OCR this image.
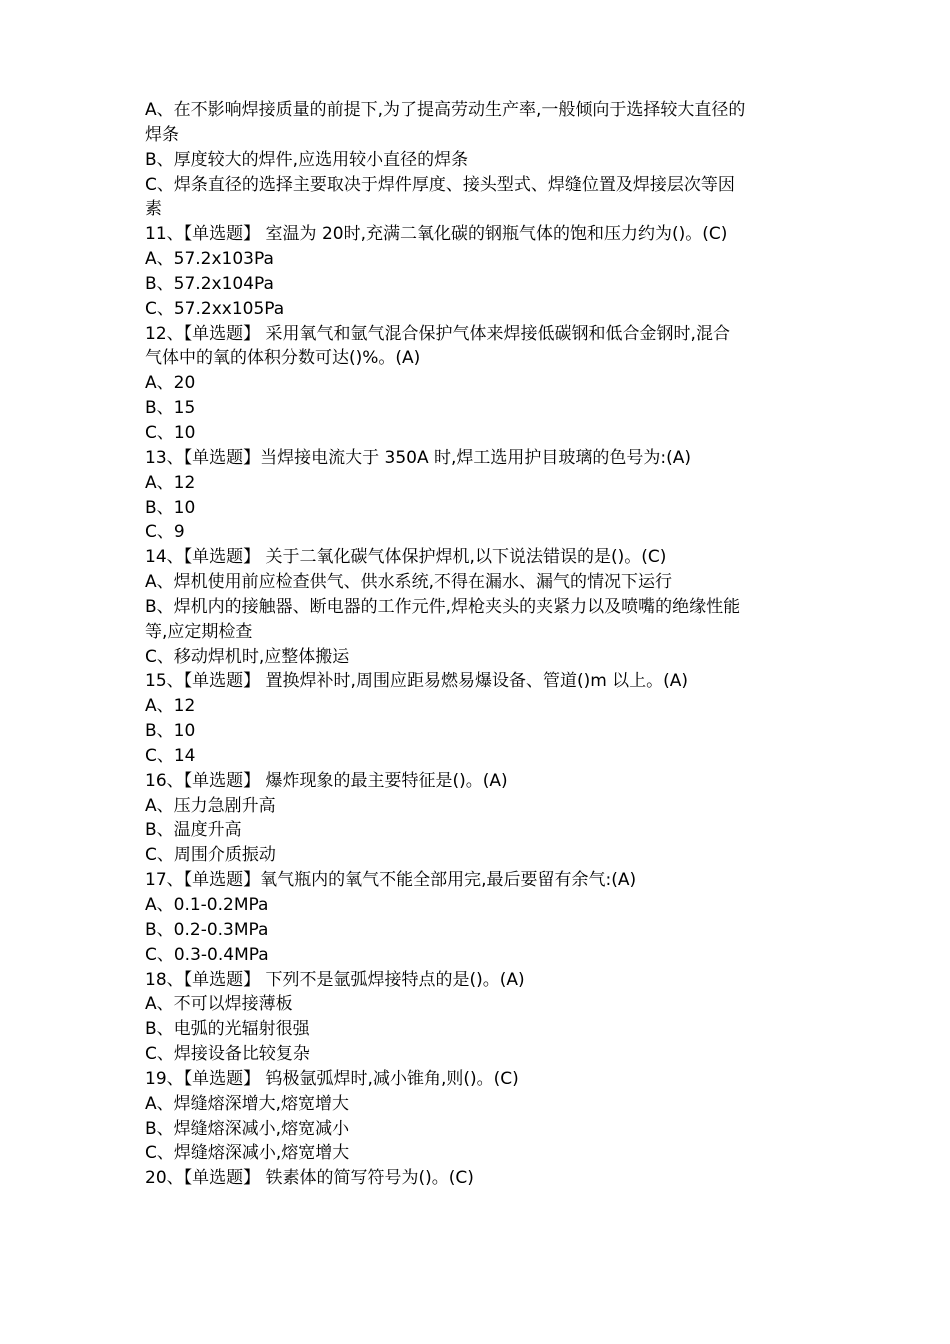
A、在不影响焊接质量的前提下,为了提高劳动生产率,一般倾向于选择较大直径的
焊条
B、厚度较大的焊件,应选用较小直径的焊条
C、焊条直径的选择主要取决于焊件厚度、接头型式、焊缝位置及焊接层次等因
素
11、【单选题】 室温为 20时,充满二氧化碳的钢瓶气体的饱和压力约为()。(C)
A、57.2x103Pa
B、57.2x104Pa
C、57.2xx105Pa
12、【单选题】 采用氧气和氩气混合保护气体来焊接低碳钢和低合金钢时,混合
气体中的氧的体积分数可达()%。(A)
A、20
B、15
C、10
13、【单选题】当焊接电流大于 350A 时,焊工选用护目玻璃的色号为:(A)
A、12
B、10
C、9
14、【单选题】 关于二氧化碳气体保护焊机,以下说法错误的是()。(C)
A、焊机使用前应检查供气、供水系统,不得在漏水、漏气的情况下运行
B、焊机内的接触器、断电器的工作元件,焊枪夹头的夹紧力以及喷嘴的绝缘性能
等,应定期检查
C、移动焊机时,应整体搬运
15、【单选题】 置换焊补时,周围应距易燃易爆设备、管道()m 以上。(A)
A、12
B、10
C、14
16、【单选题】 爆炸现象的最主要特征是()。(A)
A、压力急剧升高
B、温度升高
C、周围介质振动
17、【单选题】氧气瓶内的氧气不能全部用完,最后要留有余气:(A)
A、0.1-0.2MPa
B、0.2-0.3MPa
C、0.3-0.4MPa
18、【单选题】 下列不是氩弧焊接特点的是()。(A)
A、不可以焊接薄板
B、电弧的光辐射很强
C、焊接设备比较复杂
19、【单选题】 钨极氩弧焊时,减小锥角,则()。(C)
A、焊缝熔深增大,熔宽增大
B、焊缝熔深减小,熔宽减小
C、焊缝熔深减小,熔宽增大
20、【单选题】 铁素体的简写符号为()。(C)
